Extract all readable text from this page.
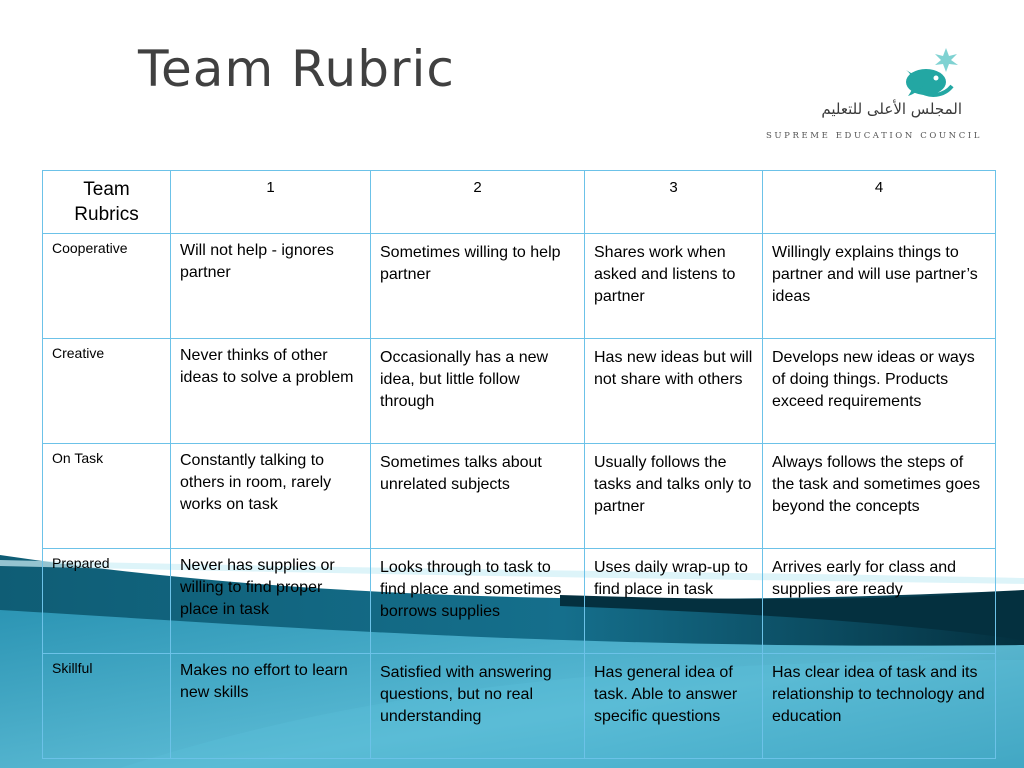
Team Rubric
المجلس الأعلى للتعليم
SUPREME EDUCATION COUNCIL
Team Rubrics	1	2	3	4
Cooperative	Will not help - ignores partner	Sometimes willing to help partner	Shares work when asked and listens to partner	Willingly explains things to partner and will use partner’s ideas
Creative	Never thinks of other ideas to solve a problem	Occasionally has a new idea, but little follow through	Has new ideas but will not share with others	Develops new ideas or ways of doing things. Products exceed requirements
On Task	Constantly talking to others in room, rarely works on task	Sometimes talks about unrelated subjects	Usually follows the tasks and talks only to partner	Always follows the steps of the task and sometimes goes beyond the concepts
Prepared	Never has supplies or willing to find proper place in task	Looks through to task to find place and sometimes borrows supplies	Uses daily wrap-up to find place in task	Arrives early for class and supplies are ready
Skillful	Makes no effort to learn new skills	Satisfied with answering questions, but no real understanding	Has general idea of task. Able to answer specific questions	Has clear idea of task and its relationship to technology and education
